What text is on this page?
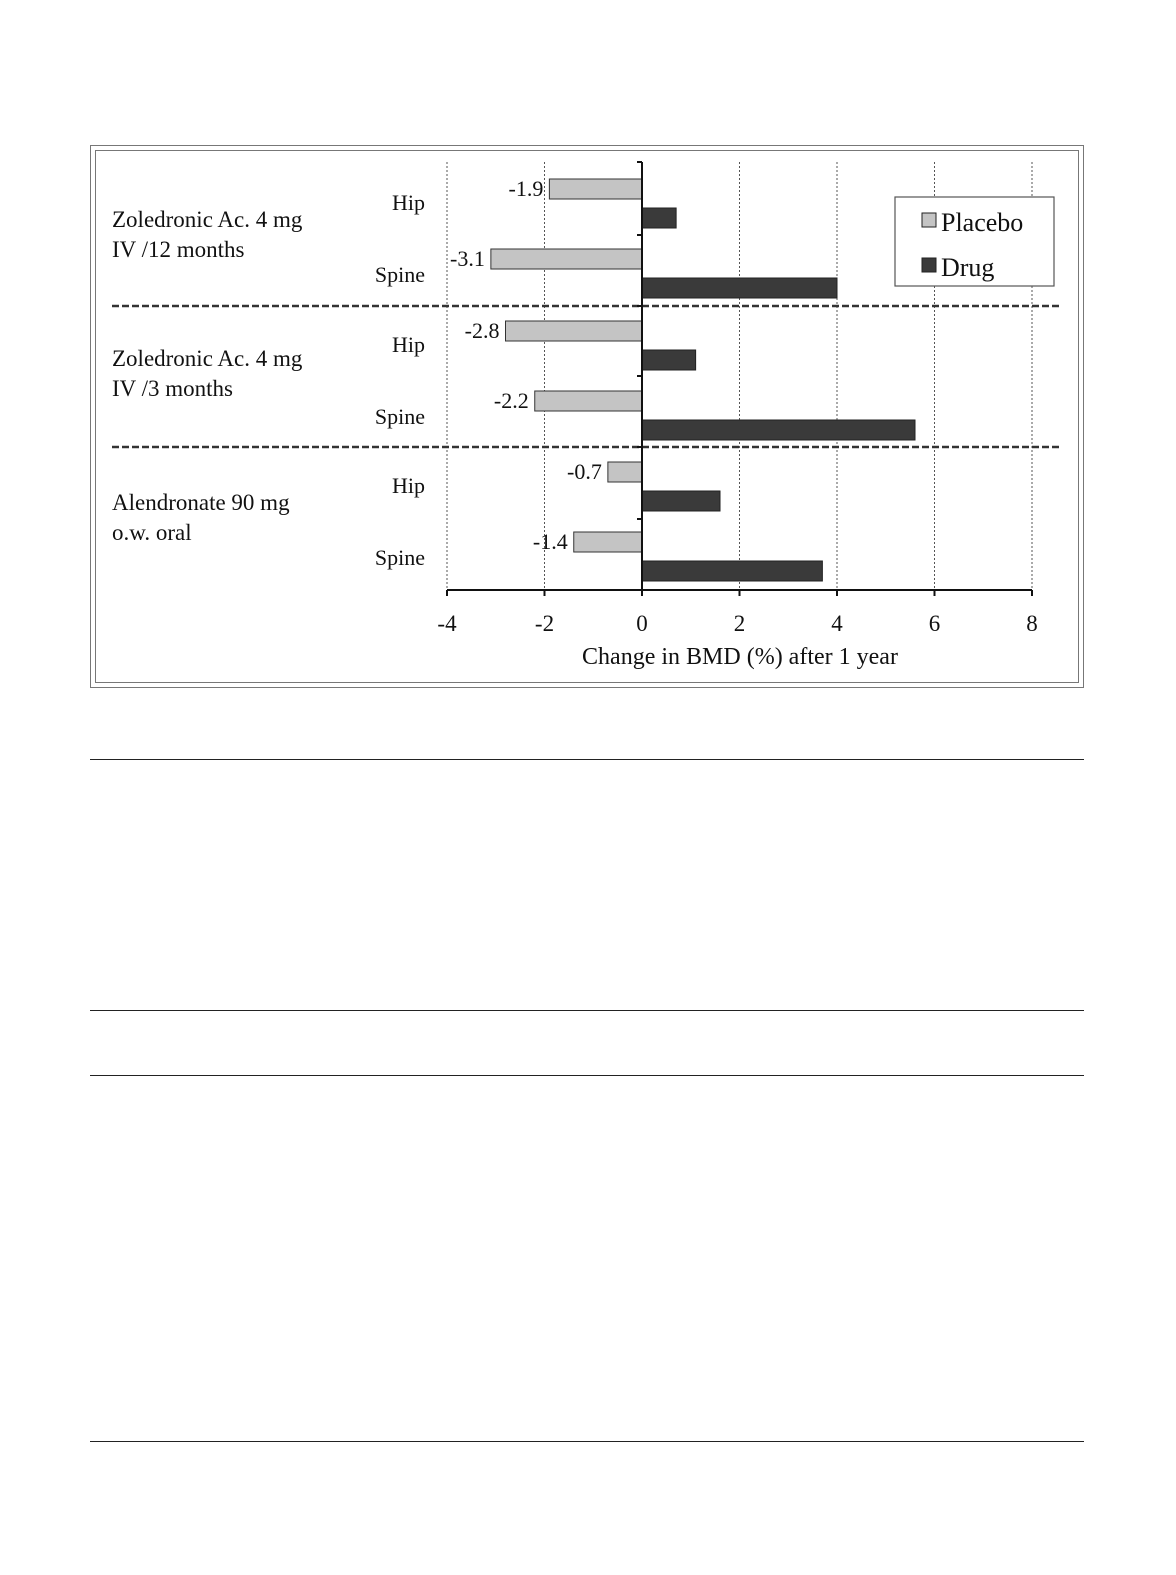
-4	-2	0	2	4	6	8
Change in BMD (%) after 1 year
-1.9
Hip
-3.1
Spine
Zoledronic Ac. 4 mg
IV /12 months
-2.8
Hip
-2.2
Spine
Zoledronic Ac. 4 mg
IV /3 months
-0.7
Hip
-1.4
Spine
Alendronate 90 mg
o.w. oral
Placebo
Drug
